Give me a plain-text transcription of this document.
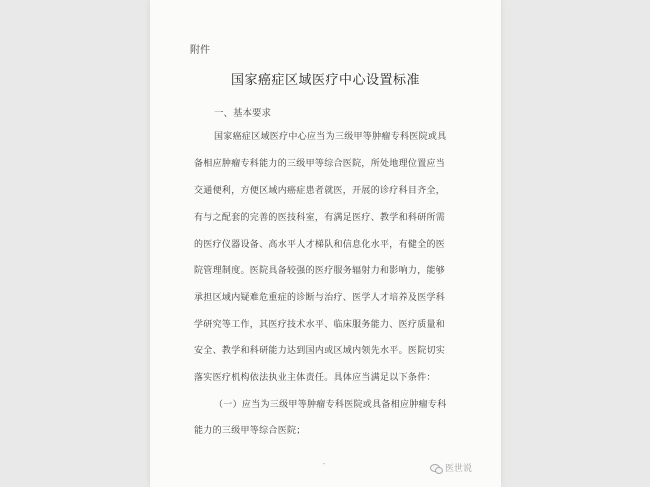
附件
国家癌症区域医疗中心设置标准
一、基本要求
国家癌症区域医疗中心应当为三级甲等肿瘤专科医院或具
备相应肿瘤专科能力的三级甲等综合医院，所处地理位置应当
交通便利，方便区域内癌症患者就医，开展的诊疗科目齐全，
有与之配套的完善的医技科室，有满足医疗、教学和科研所需
的医疗仪器设备、高水平人才梯队和信息化水平，有健全的医
院管理制度。医院具备较强的医疗服务辐射力和影响力，能够
承担区域内疑难危重症的诊断与治疗、医学人才培养及医学科
学研究等工作，其医疗技术水平、临床服务能力、医疗质量和
安全、教学和科研能力达到国内或区域内领先水平。医院切实
落实医疗机构依法执业主体责任。具体应当满足以下条件：
（一）应当为三级甲等肿瘤专科医院或具备相应肿瘤专科
能力的三级甲等综合医院；
-	医世说
